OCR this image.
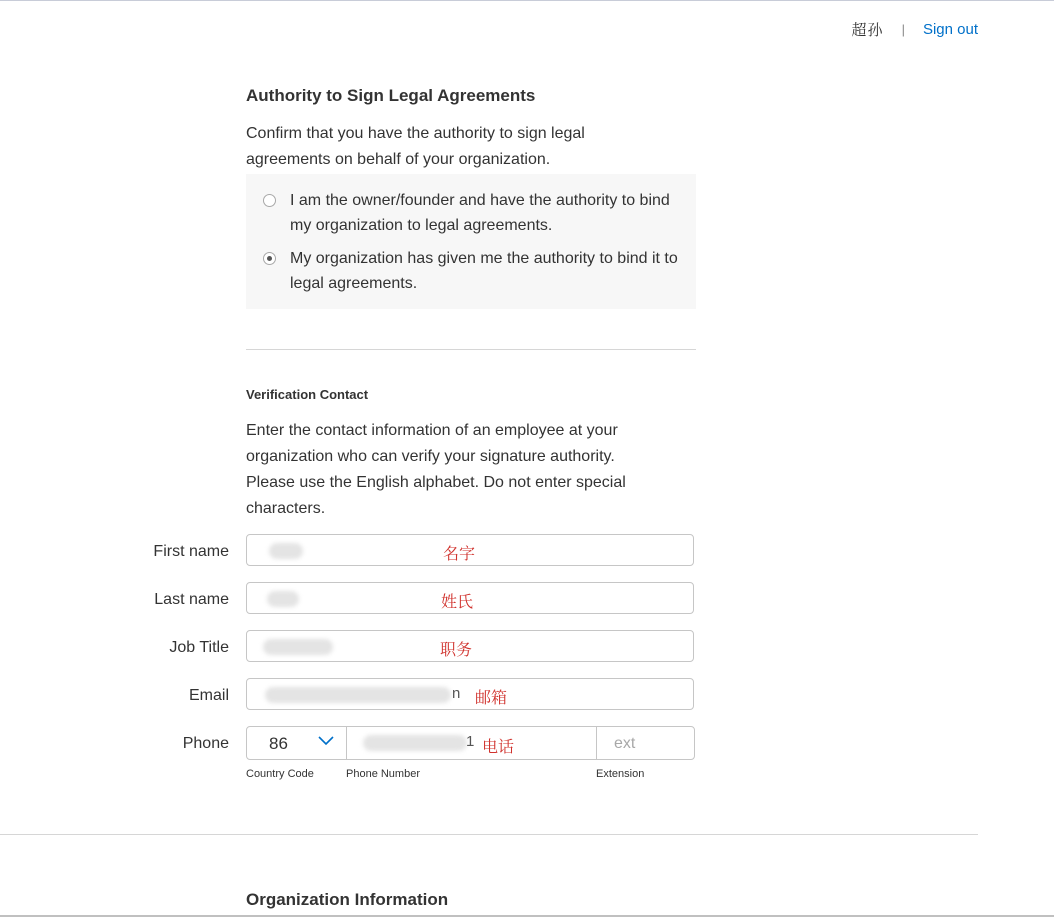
超孙 | Sign out
Authority to Sign Legal Agreements
Confirm that you have the authority to sign legal agreements on behalf of your organization.
I am the owner/founder and have the authority to bind my organization to legal agreements.
My organization has given me the authority to bind it to legal agreements.
Verification Contact
Enter the contact information of an employee at your organization who can verify your signature authority. Please use the English alphabet. Do not enter special characters.
First name	名字
Last name	姓氏
Job Title	职务
Email	n 邮箱
Phone 86	1 电话	ext
Country Code	Phone Number	Extension
Organization Information
